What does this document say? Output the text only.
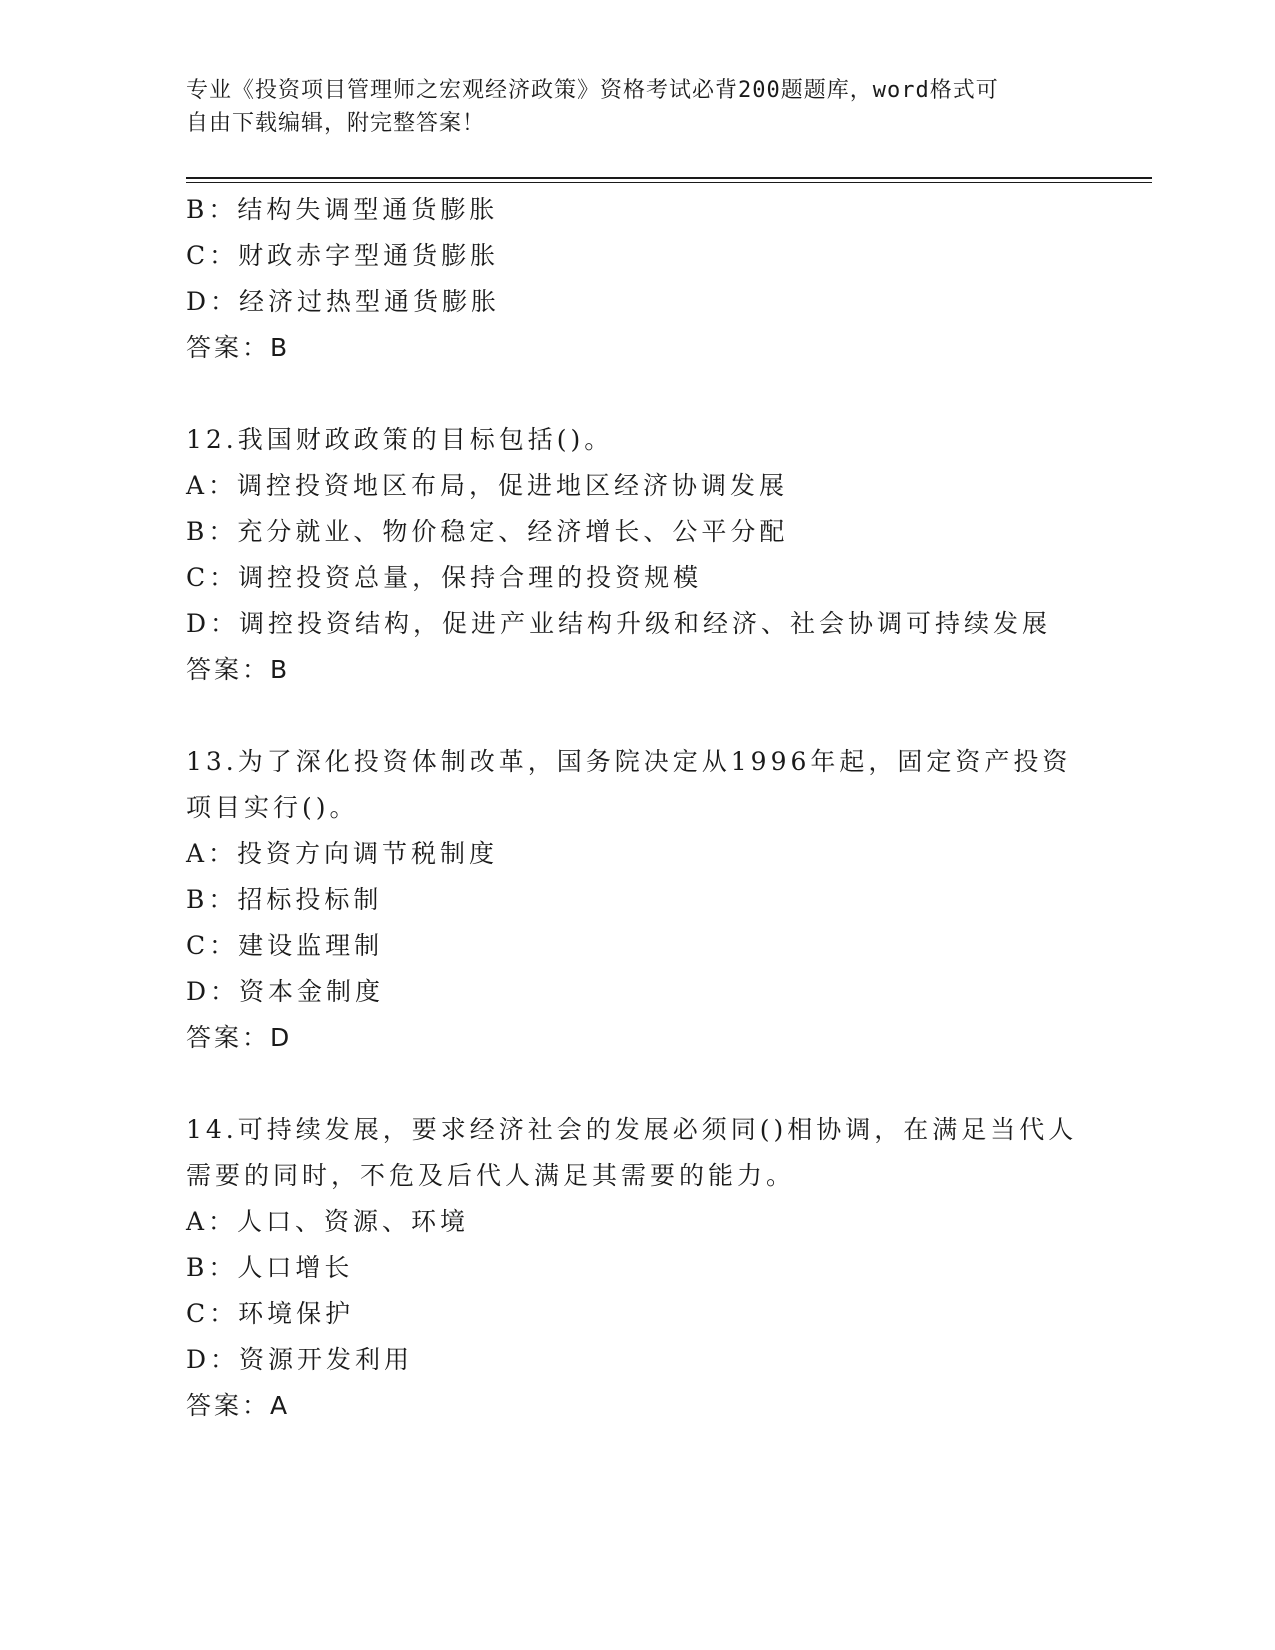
专业《投资项目管理师之宏观经济政策》资格考试必背200题题库，word格式可
自由下载编辑，附完整答案！
B：结构失调型通货膨胀
C：财政赤字型通货膨胀
D：经济过热型通货膨胀
答案：B
12.我国财政政策的目标包括()。
A：调控投资地区布局，促进地区经济协调发展
B：充分就业、物价稳定、经济增长、公平分配
C：调控投资总量，保持合理的投资规模
D：调控投资结构，促进产业结构升级和经济、社会协调可持续发展
答案：B
13.为了深化投资体制改革，国务院决定从1996年起，固定资产投资
项目实行()。
A：投资方向调节税制度
B：招标投标制
C：建设监理制
D：资本金制度
答案：D
14.可持续发展，要求经济社会的发展必须同()相协调，在满足当代人
需要的同时，不危及后代人满足其需要的能力。
A：人口、资源、环境
B：人口增长
C：环境保护
D：资源开发利用
答案：A
